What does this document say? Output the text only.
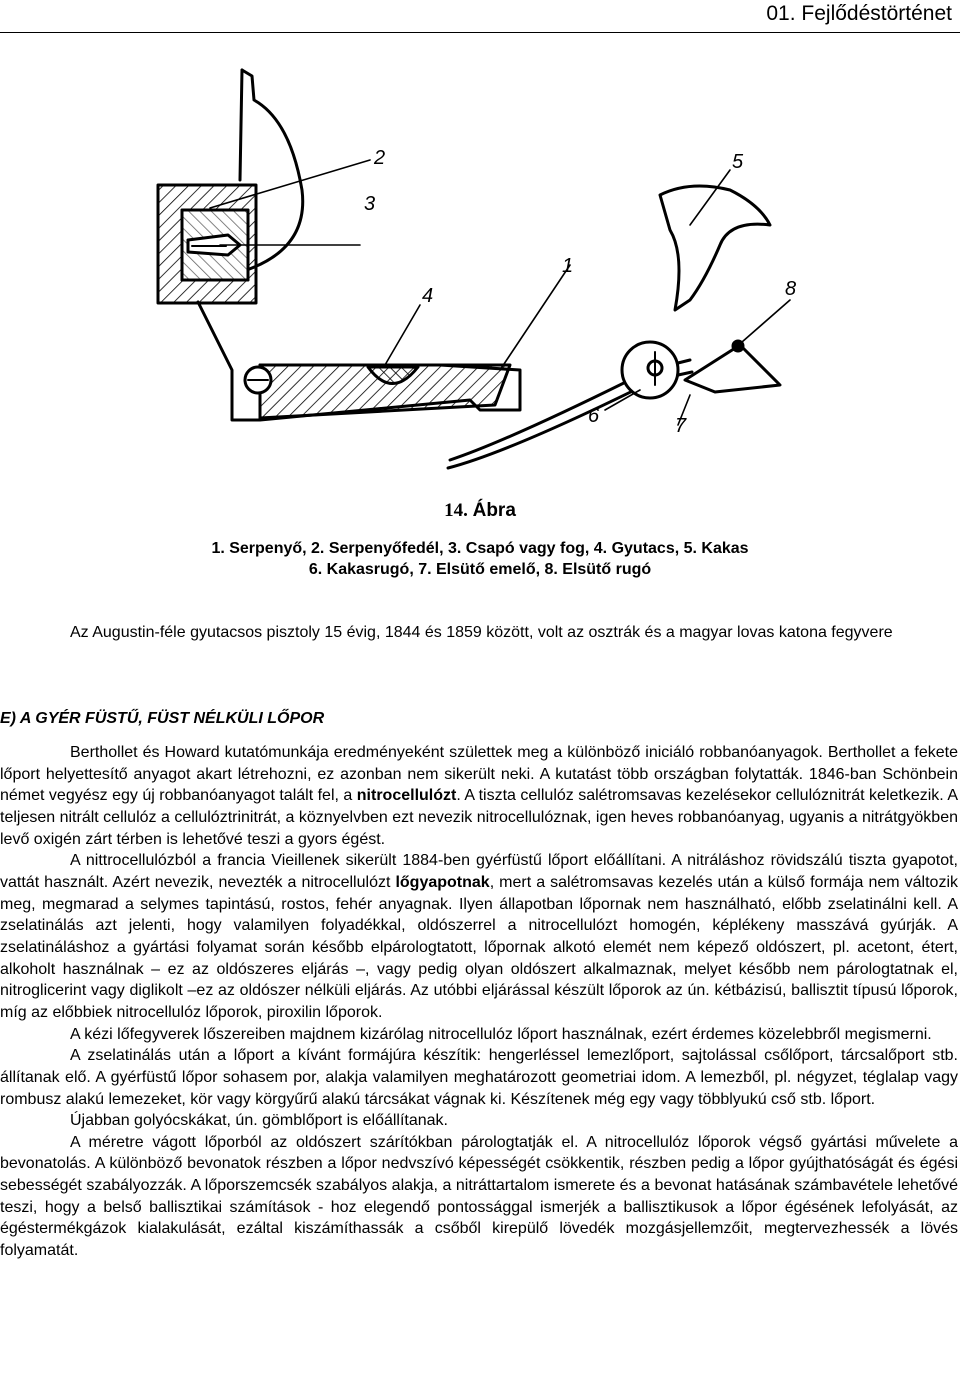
01. Fejlődéstörténet
1
2
3
4
5
6	7
8
14. Ábra
1. Serpenyő, 2. Serpenyőfedél, 3. Csapó vagy fog, 4. Gyutacs, 5. Kakas
6. Kakasrugó, 7. Elsütő emelő, 8. Elsütő rugó
Az Augustin-féle gyutacsos pisztoly 15 évig, 1844 és 1859 között, volt az osztrák és a magyar lovas katona fegyvere
E) A GYÉR FÜSTŰ, FÜST NÉLKÜLI LŐPOR

Berthollet és Howard kutatómunkája eredményeként születtek meg a különböző iniciáló robbanóanyagok. Berthollet a fekete lőport helyettesítő anyagot akart létrehozni, ez azonban nem sikerült neki. A kutatást több országban folytatták. 1846-ban Schönbein német vegyész egy új robbanóanyagot talált fel, a nitrocellulózt. A tiszta cellulóz salétromsavas kezelésekor cellulóznitrát keletkezik. A teljesen nitrált cellulóz a cellulóztrinitrát, a köznyelvben ezt nevezik nitrocellulóznak, igen heves robbanóanyag, ugyanis a nitrátgyökben levő oxigén zárt térben is lehetővé teszi a gyors égést.

A nittrocellulózból a francia Vieillenek sikerült 1884-ben gyérfüstű lőport előállítani. A nitráláshoz rövidszálú tiszta gyapotot, vattát használt. Azért nevezik, nevezték a nitrocellulózt lőgyapotnak, mert a salétromsavas kezelés után a külső formája nem változik meg, megmarad a selymes tapintású, rostos, fehér anyagnak. Ilyen állapotban lőpornak nem használható, előbb zselatinálni kell. A zselatinálás azt jelenti, hogy valamilyen folyadékkal, oldószerrel a nitrocellulózt homogén, képlékeny masszává gyúrják. A zselatináláshoz a gyártási folyamat során később elpárologtatott, lőpornak alkotó elemét nem képező oldószert, pl. acetont, étert, alkoholt használnak – ez az oldószeres eljárás –, vagy pedig olyan oldószert alkalmaznak, melyet később nem párologtatnak el, nitroglicerint vagy diglikolt –ez az oldószer nélküli eljárás. Az utóbbi eljárással készült lőporok az ún. kétbázisú, ballisztit típusú lőporok, míg az előbbiek nitrocellulóz lőporok, piroxilin lőporok.

A kézi lőfegyverek lőszereiben majdnem kizárólag nitrocellulóz lőport használnak, ezért érdemes közelebbről megismerni.

A zselatinálás után a lőport a kívánt formájúra készítik: hengerléssel lemezlőport, sajtolással csőlőport, tárcsalőport stb. állítanak elő. A gyérfüstű lőpor sohasem por, alakja valamilyen meghatározott geometriai idom. A lemezből, pl. négyzet, téglalap vagy rombusz alakú lemezeket, kör vagy körgyűrű alakú tárcsákat vágnak ki. Készítenek még egy vagy többlyukú cső stb. lőport.

Újabban golyócskákat, ún. gömblőport is előállítanak.

A méretre vágott lőporból az oldószert szárítókban párologtatják el. A nitrocellulóz lőporok végső gyártási művelete a bevonatolás. A különböző bevonatok részben a lőpor nedvszívó képességét csökkentik, részben pedig a lőpor gyújthatóságát és égési sebességét szabályozzák. A lőporszemcsék szabályos alakja, a nitráttartalom ismerete és a bevonat hatásának számbavétele lehetővé teszi, hogy a belső ballisztikai számítások - hoz elegendő pontossággal ismerjék a ballisztikusok a lőpor égésének lefolyását, az égéstermékgázok kialakulását, ezáltal kiszámíthassák a csőből kirepülő lövedék mozgásjellemzőit, megtervezhessék a lövés folyamatát.
